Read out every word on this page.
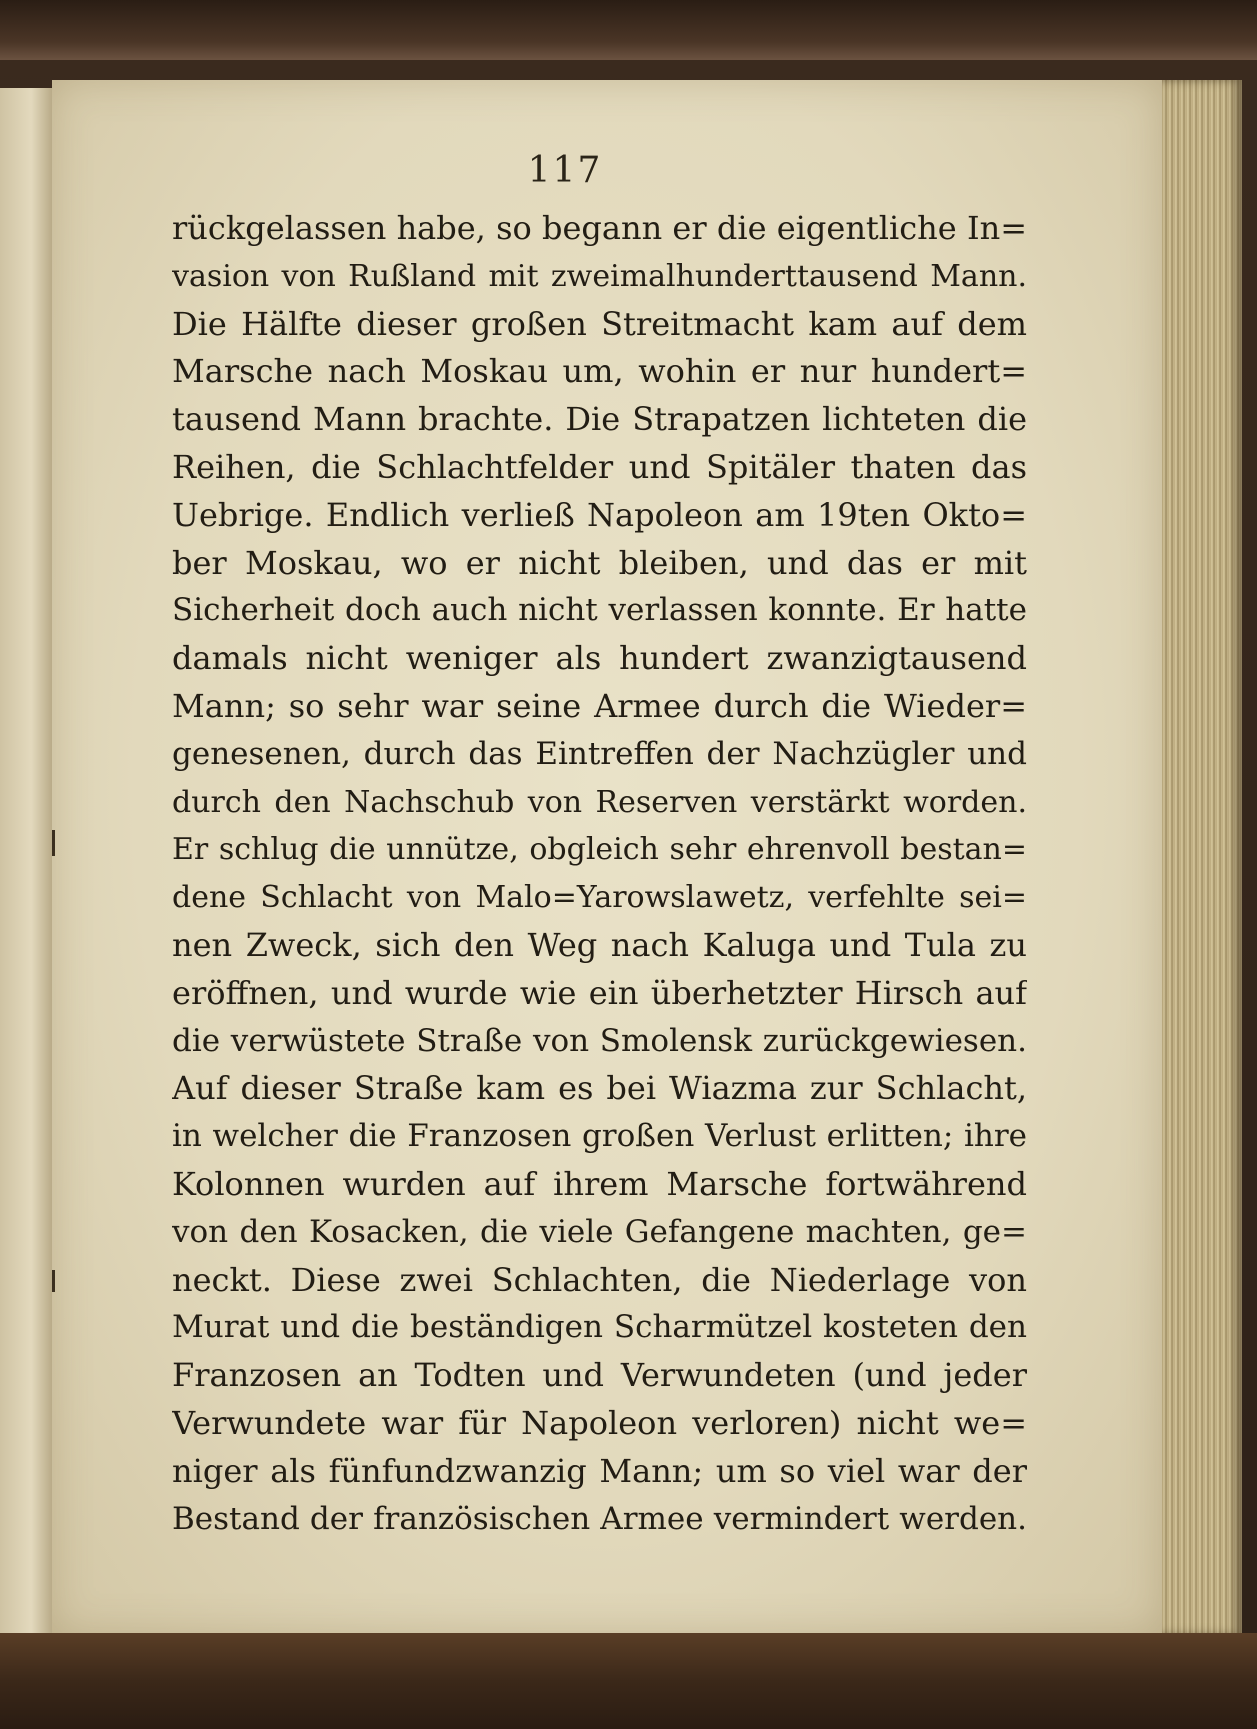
117
rückgelassen habe, so begann er die eigentliche In=
vasion von Rußland mit zweimalhunderttausend Mann.
Die Hälfte dieser großen Streitmacht kam auf dem
Marsche nach Moskau um, wohin er nur hundert=
tausend Mann brachte. Die Strapatzen lichteten die
Reihen, die Schlachtfelder und Spitäler thaten das
Uebrige. Endlich verließ Napoleon am 19ten Okto=
ber Moskau, wo er nicht bleiben, und das er mit
Sicherheit doch auch nicht verlassen konnte. Er hatte
damals nicht weniger als hundert zwanzigtausend
Mann; so sehr war seine Armee durch die Wieder=
genesenen, durch das Eintreffen der Nachzügler und
durch den Nachschub von Reserven verstärkt worden.
Er schlug die unnütze, obgleich sehr ehrenvoll bestan=
dene Schlacht von Malo=Yarowslawetz, verfehlte sei=
nen Zweck, sich den Weg nach Kaluga und Tula zu
eröffnen, und wurde wie ein überhetzter Hirsch auf
die verwüstete Straße von Smolensk zurückgewiesen.
Auf dieser Straße kam es bei Wiazma zur Schlacht,
in welcher die Franzosen großen Verlust erlitten; ihre
Kolonnen wurden auf ihrem Marsche fortwährend
von den Kosacken, die viele Gefangene machten, ge=
neckt. Diese zwei Schlachten, die Niederlage von
Murat und die beständigen Scharmützel kosteten den
Franzosen an Todten und Verwundeten (und jeder
Verwundete war für Napoleon verloren) nicht we=
niger als fünfundzwanzig Mann; um so viel war der
Bestand der französischen Armee vermindert werden.
